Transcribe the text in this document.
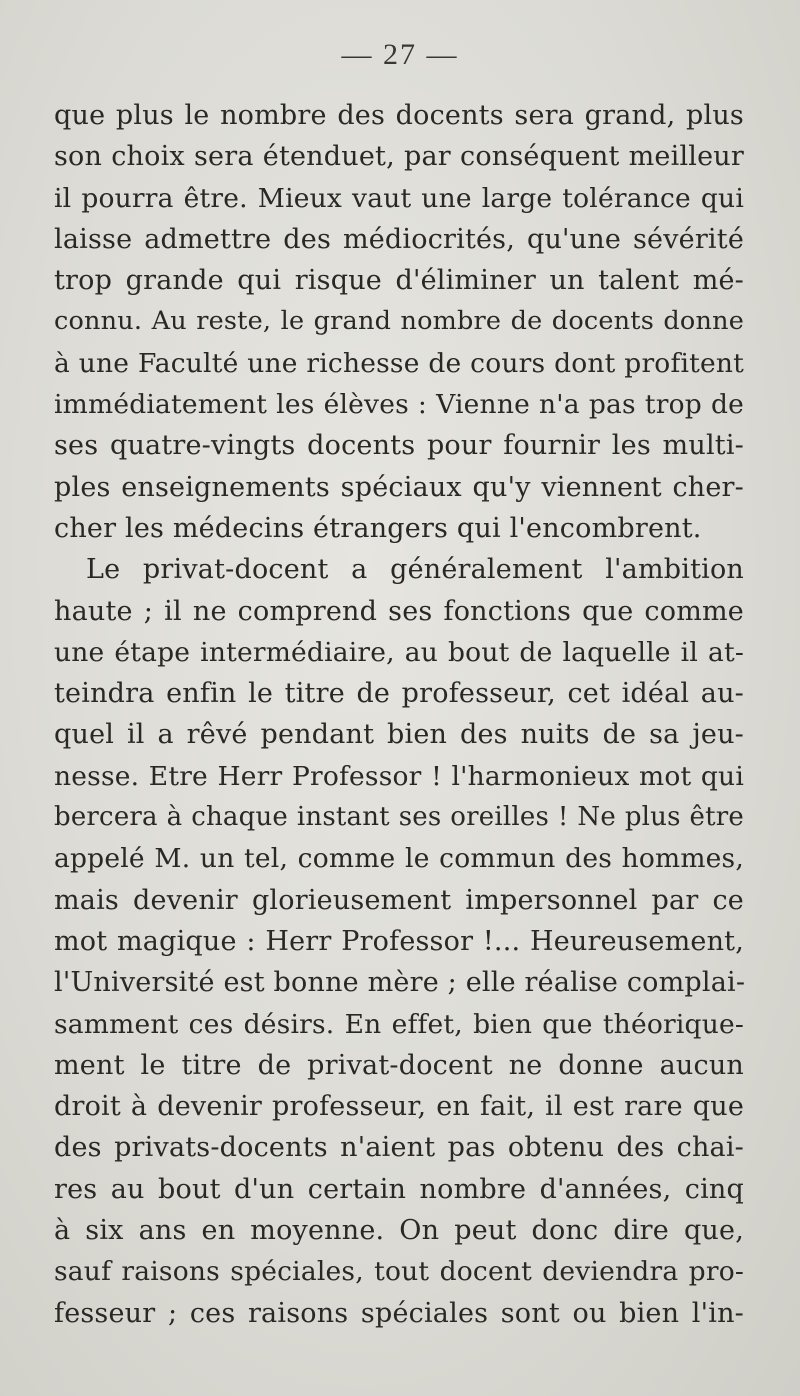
— 27 —
que plus le nombre des docents sera grand, plus
son choix sera étenduet, par conséquent meilleur
il pourra être. Mieux vaut une large tolérance qui
laisse admettre des médiocrités, qu'une sévérité
trop grande qui risque d'éliminer un talent mé-
connu. Au reste, le grand nombre de docents donne
à une Faculté une richesse de cours dont profitent
immédiatement les élèves : Vienne n'a pas trop de
ses quatre-vingts docents pour fournir les multi-
ples enseignements spéciaux qu'y viennent cher-
cher les médecins étrangers qui l'encombrent.
Le privat-docent a généralement l'ambition
haute ; il ne comprend ses fonctions que comme
une étape intermédiaire, au bout de laquelle il at-
teindra enfin le titre de professeur, cet idéal au-
quel il a rêvé pendant bien des nuits de sa jeu-
nesse. Etre Herr Professor ! l'harmonieux mot qui
bercera à chaque instant ses oreilles ! Ne plus être
appelé M. un tel, comme le commun des hommes,
mais devenir glorieusement impersonnel par ce
mot magique : Herr Professor !... Heureusement,
l'Université est bonne mère ; elle réalise complai-
samment ces désirs. En effet, bien que théorique-
ment le titre de privat-docent ne donne aucun
droit à devenir professeur, en fait, il est rare que
des privats-docents n'aient pas obtenu des chai-
res au bout d'un certain nombre d'années, cinq
à six ans en moyenne. On peut donc dire que,
sauf raisons spéciales, tout docent deviendra pro-
fesseur ; ces raisons spéciales sont ou bien l'in-
